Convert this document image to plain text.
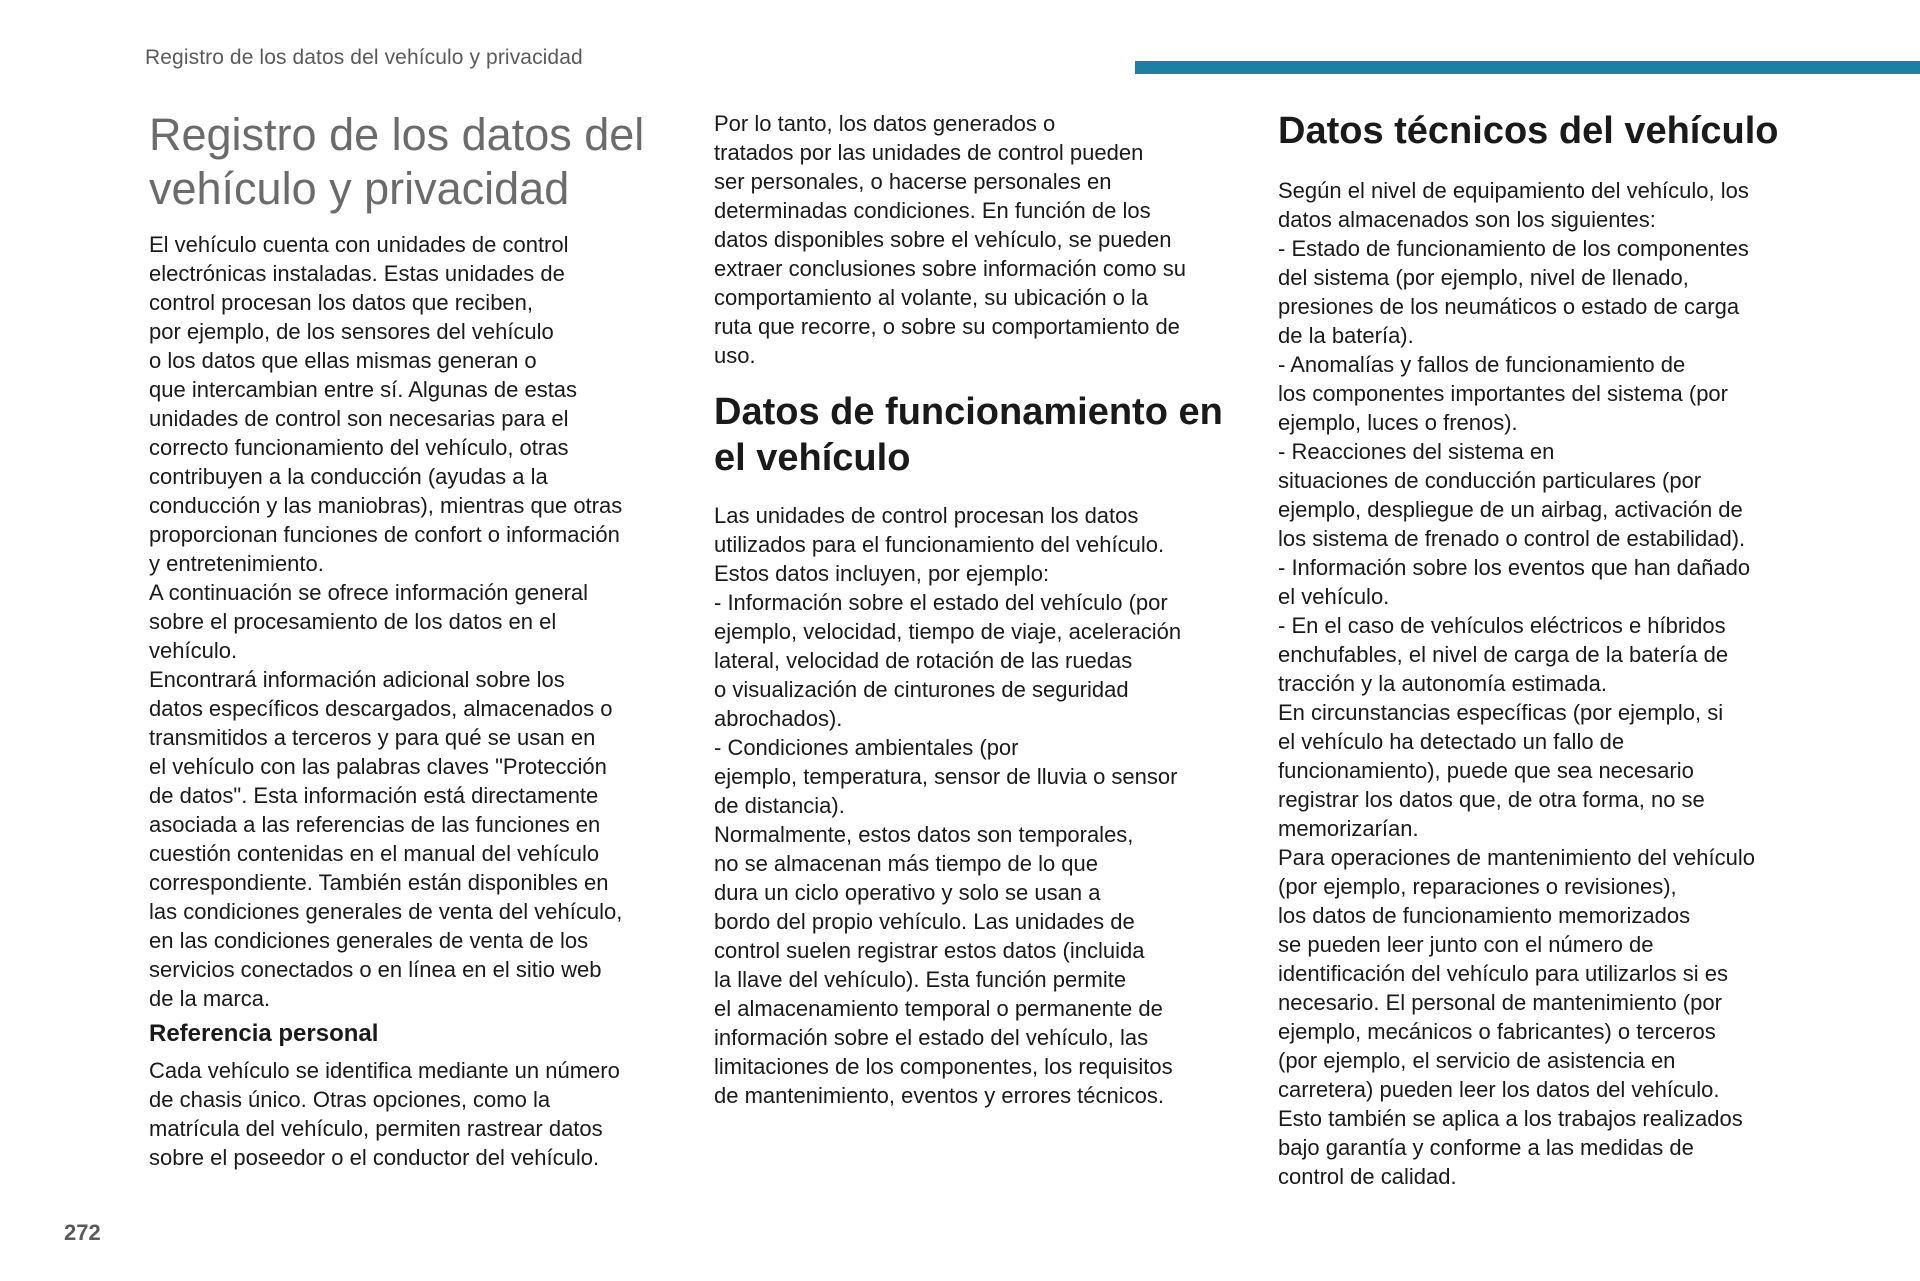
Registro de los datos del vehículo y privacidad
Registro de los datos del
vehículo y privacidad

El vehículo cuenta con unidades de control
electrónicas instaladas. Estas unidades de
control procesan los datos que reciben,
por ejemplo, de los sensores del vehículo
o los datos que ellas mismas generan o
que intercambian entre sí. Algunas de estas
unidades de control son necesarias para el
correcto funcionamiento del vehículo, otras
contribuyen a la conducción (ayudas a la
conducción y las maniobras), mientras que otras
proporcionan funciones de confort o información
y entretenimiento.
A continuación se ofrece información general
sobre el procesamiento de los datos en el
vehículo.
Encontrará información adicional sobre los
datos específicos descargados, almacenados o
transmitidos a terceros y para qué se usan en
el vehículo con las palabras claves "Protección
de datos". Esta información está directamente
asociada a las referencias de las funciones en
cuestión contenidas en el manual del vehículo
correspondiente. También están disponibles en
las condiciones generales de venta del vehículo,
en las condiciones generales de venta de los
servicios conectados o en línea en el sitio web
de la marca.

Referencia personal

Cada vehículo se identifica mediante un número
de chasis único. Otras opciones, como la
matrícula del vehículo, permiten rastrear datos
sobre el poseedor o el conductor del vehículo.

Por lo tanto, los datos generados o
tratados por las unidades de control pueden
ser personales, o hacerse personales en
determinadas condiciones. En función de los
datos disponibles sobre el vehículo, se pueden
extraer conclusiones sobre información como su
comportamiento al volante, su ubicación o la
ruta que recorre, o sobre su comportamiento de
uso.

Datos de funcionamiento en
el vehículo

Las unidades de control procesan los datos
utilizados para el funcionamiento del vehículo.
Estos datos incluyen, por ejemplo:
- Información sobre el estado del vehículo (por
ejemplo, velocidad, tiempo de viaje, aceleración
lateral, velocidad de rotación de las ruedas
o visualización de cinturones de seguridad
abrochados).
- Condiciones ambientales (por
ejemplo, temperatura, sensor de lluvia o sensor
de distancia).
Normalmente, estos datos son temporales,
no se almacenan más tiempo de lo que
dura un ciclo operativo y solo se usan a
bordo del propio vehículo. Las unidades de
control suelen registrar estos datos (incluida
la llave del vehículo). Esta función permite
el almacenamiento temporal o permanente de
información sobre el estado del vehículo, las
limitaciones de los componentes, los requisitos
de mantenimiento, eventos y errores técnicos.

Datos técnicos del vehículo

Según el nivel de equipamiento del vehículo, los
datos almacenados son los siguientes:
- Estado de funcionamiento de los componentes
del sistema (por ejemplo, nivel de llenado,
presiones de los neumáticos o estado de carga
de la batería).
- Anomalías y fallos de funcionamiento de
los componentes importantes del sistema (por
ejemplo, luces o frenos).
- Reacciones del sistema en
situaciones de conducción particulares (por
ejemplo, despliegue de un airbag, activación de
los sistema de frenado o control de estabilidad).
- Información sobre los eventos que han dañado
el vehículo.
- En el caso de vehículos eléctricos e híbridos
enchufables, el nivel de carga de la batería de
tracción y la autonomía estimada.
En circunstancias específicas (por ejemplo, si
el vehículo ha detectado un fallo de
funcionamiento), puede que sea necesario
registrar los datos que, de otra forma, no se
memorizarían.
Para operaciones de mantenimiento del vehículo
(por ejemplo, reparaciones o revisiones),
los datos de funcionamiento memorizados
se pueden leer junto con el número de
identificación del vehículo para utilizarlos si es
necesario. El personal de mantenimiento (por
ejemplo, mecánicos o fabricantes) o terceros
(por ejemplo, el servicio de asistencia en
carretera) pueden leer los datos del vehículo.
Esto también se aplica a los trabajos realizados
bajo garantía y conforme a las medidas de
control de calidad.

272
